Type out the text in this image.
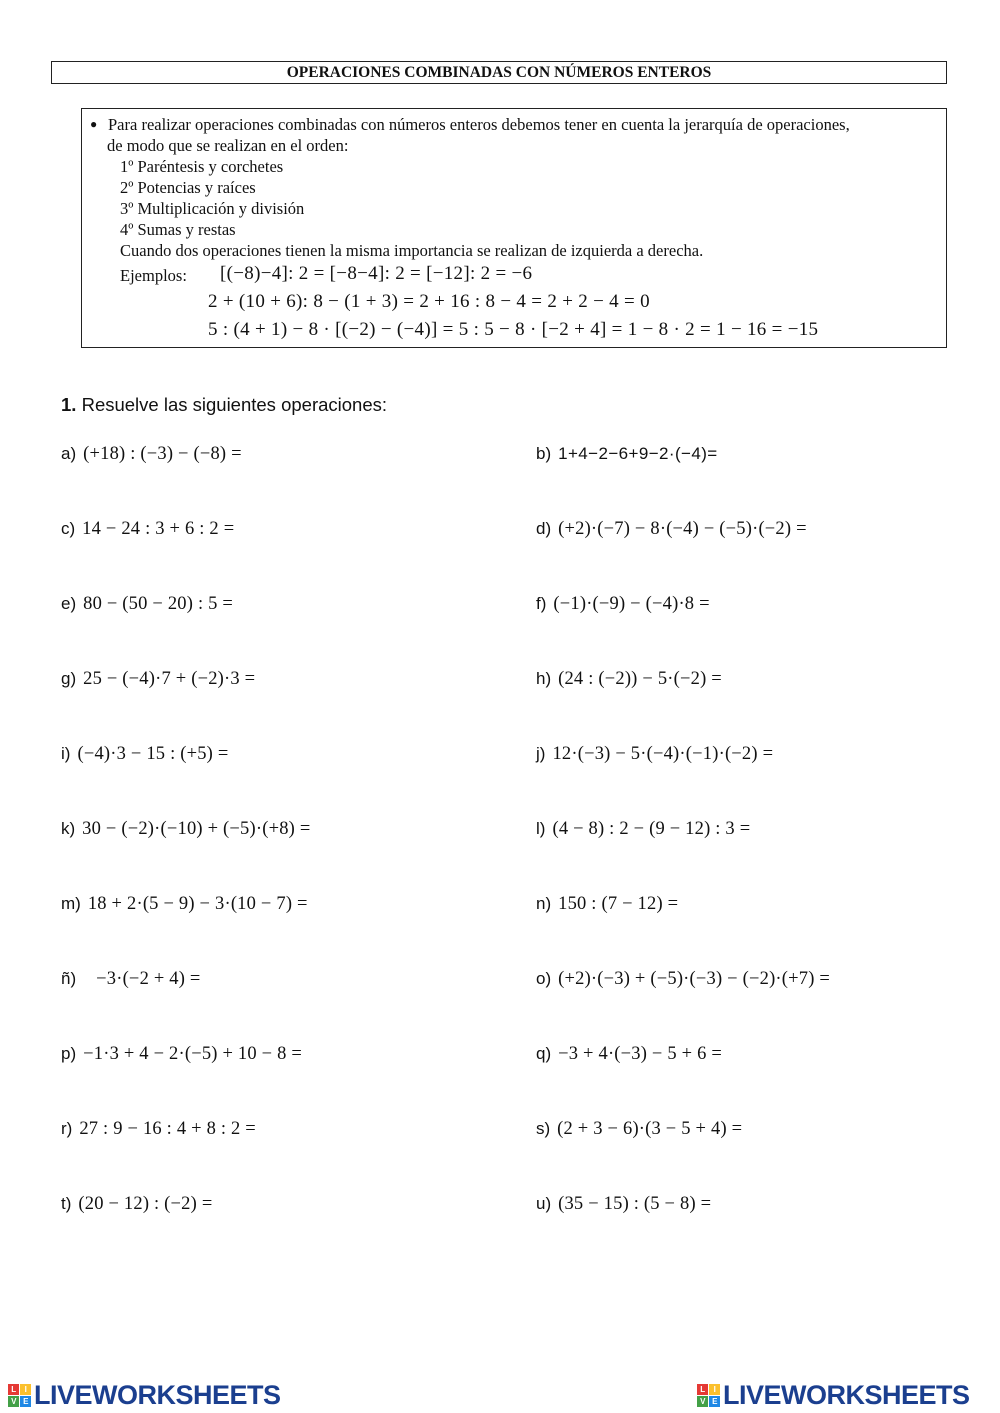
OPERACIONES COMBINADAS CON NÚMEROS ENTEROS
● Para realizar operaciones combinadas con números enteros debemos tener en cuenta la jerarquía de operaciones,
de modo que se realizan en el orden:
1º Paréntesis y corchetes
2º Potencias y raíces
3º Multiplicación y división
4º Sumas y restas
Cuando dos operaciones tienen la misma importancia se realizan de izquierda a derecha.
Ejemplos: [(−8)−4]: 2 = [−8−4]: 2 = [−12]: 2 = −6
2 + (10 + 6): 8 − (1 + 3) = 2 + 16 : 8 − 4 = 2 + 2 − 4 = 0
5 : (4 + 1) − 8 · [(−2) − (−4)] = 5 : 5 − 8 · [−2 + 4] = 1 − 8 · 2 = 1 − 16 = −15
1. Resuelve las siguientes operaciones:
a) (+18) : (−3) − (−8) =	b) 1+4−2−6+9−2·(−4)=
c) 14 − 24 : 3 + 6 : 2 =	d) (+2)·(−7) − 8·(−4) − (−5)·(−2) =
e) 80 − (50 − 20) : 5 =	f) (−1)·(−9) − (−4)·8 =
g) 25 − (−4)·7 + (−2)·3 =	h) (24 : (−2)) − 5·(−2) =
i) (−4)·3 − 15 : (+5) =	j) 12·(−3) − 5·(−4)·(−1)·(−2) =
k) 30 − (−2)·(−10) + (−5)·(+8) =	l) (4 − 8) : 2 − (9 − 12) : 3 =
m) 18 + 2·(5 − 9) − 3·(10 − 7) =	n) 150 : (7 − 12) =
ñ) −3·(−2 + 4) =	o) (+2)·(−3) + (−5)·(−3) − (−2)·(+7) =
p) −1·3 + 4 − 2·(−5) + 10 − 8 =	q) −3 + 4·(−3) − 5 + 6 =
r) 27 : 9 − 16 : 4 + 8 : 2 =	s) (2 + 3 − 6)·(3 − 5 + 4) =
t) (20 − 12) : (−2) =	u) (35 − 15) : (5 − 8) =
L	I
V E LIVEWORKSHEETS	L	I
V E LIVEWORKSHEETS
